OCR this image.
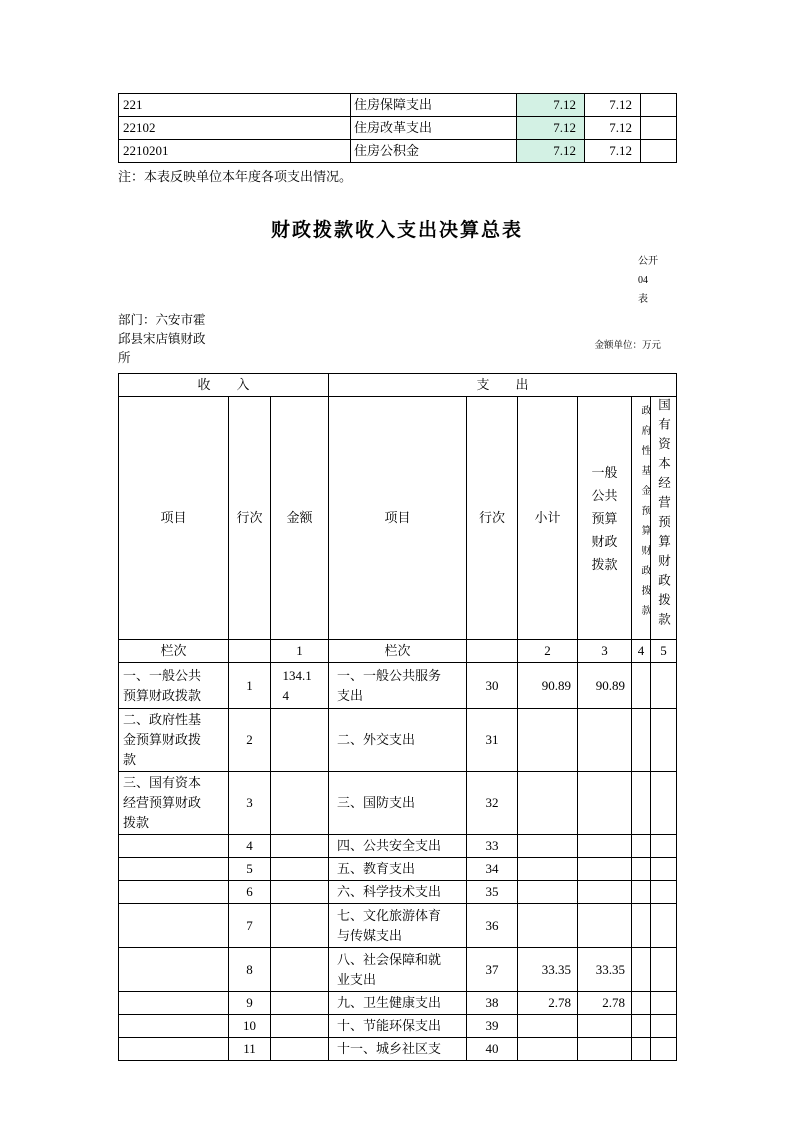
221	住房保障支出	7.12	7.12	
22102	住房改革支出	7.12	7.12	
2210201	住房公积金	7.12	7.12	
注：本表反映单位本年度各项支出情况。
财政拨款收入支出决算总表
公开
04
表
部门：六安市霍邱县宋店镇财政所
金额单位：万元
收　　入			支　　出					
项目	行次	金额	项目	行次	小计	一般公共预算财政拨款	政府性基金预算财政拨款	国有资本经营预算财政拨款
栏次		1	栏次		2	3	4	5
一、一般公共预算财政拨款	1	134.14	一、一般公共服务支出	30	90.89	90.89		
二、政府性基金预算财政拨款	2		二、外交支出	31				
三、国有资本经营预算财政拨款	3		三、国防支出	32				
	4		四、公共安全支出	33				
	5		五、教育支出	34				
	6		六、科学技术支出	35				
	7		七、文化旅游体育与传媒支出	36				
	8		八、社会保障和就业支出	37	33.35	33.35		
	9		九、卫生健康支出	38	2.78	2.78		
	10		十、节能环保支出	39				
	11		十一、城乡社区支	40				
